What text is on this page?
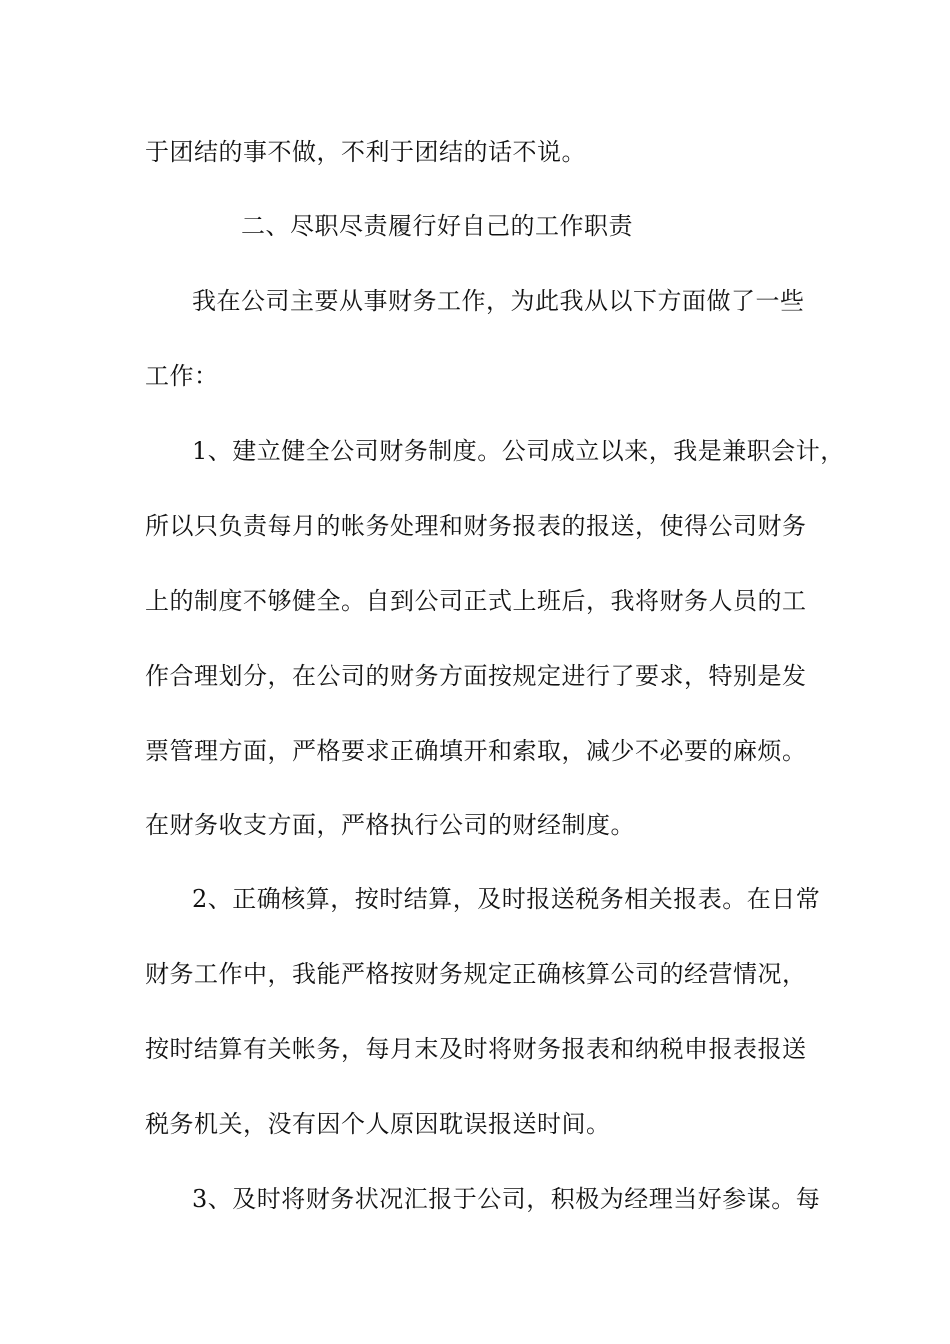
于团结的事不做，不利于团结的话不说。
二、尽职尽责履行好自己的工作职责
我在公司主要从事财务工作，为此我从以下方面做了一些
工作：
1、建立健全公司财务制度。公司成立以来，我是兼职会计，
所以只负责每月的帐务处理和财务报表的报送，使得公司财务
上的制度不够健全。自到公司正式上班后，我将财务人员的工
作合理划分，在公司的财务方面按规定进行了要求，特别是发
票管理方面，严格要求正确填开和索取，减少不必要的麻烦。
在财务收支方面，严格执行公司的财经制度。
2、正确核算，按时结算，及时报送税务相关报表。在日常
财务工作中，我能严格按财务规定正确核算公司的经营情况，
按时结算有关帐务，每月末及时将财务报表和纳税申报表报送
税务机关，没有因个人原因耽误报送时间。
3、及时将财务状况汇报于公司，积极为经理当好参谋。每
